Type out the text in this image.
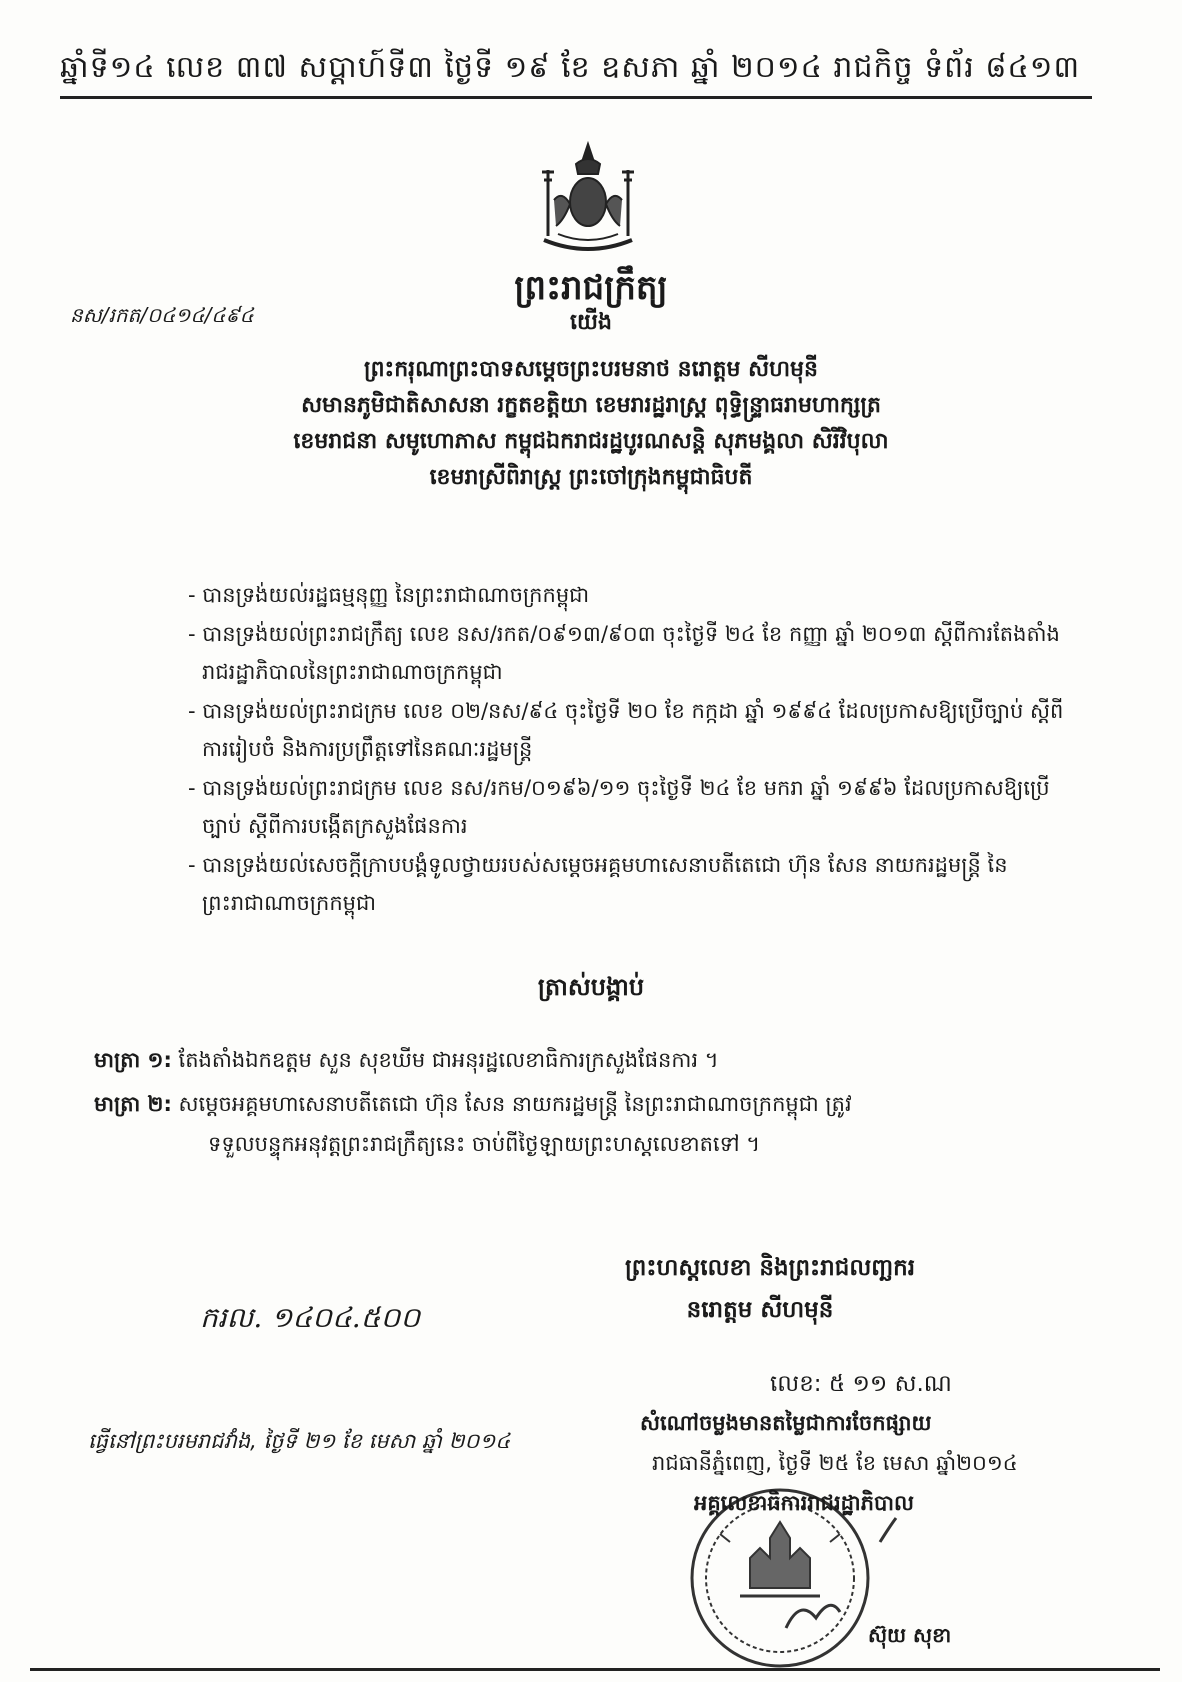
ឆ្នាំទី១៤ លេខ ៣៧ សប្តាហ៍ទី៣ ថ្ងៃទី ១៩ ខែ ឧសភា ឆ្នាំ ២០១៤ រាជកិច្ច ទំព័រ ៨៤១៣
ព្រះរាជក្រឹត្យ
នស/រកត/០៤១៤/៤៩៤	យើង
ព្រះករុណាព្រះបាទសម្តេចព្រះបរមនាថ នរោត្តម សីហមុនី
សមានភូមិជាតិសាសនា រក្ខតខត្តិយា ខេមរារដ្ឋរាស្ត្រ ពុទ្ធិន្ទ្រាធរាមហាក្សត្រ
ខេមរាជនា សមូហោភាស កម្ពុជឯករាជរដ្ឋបូរណសន្តិ សុភមង្គលា សិរីវិបុលា
ខេមរាស្រីពិរាស្ត្រ ព្រះចៅក្រុងកម្ពុជាធិបតី
- បានទ្រង់យល់រដ្ឋធម្មនុញ្ញ នៃព្រះរាជាណាចក្រកម្ពុជា
- បានទ្រង់យល់ព្រះរាជក្រឹត្យ លេខ នស/រកត/០៩១៣/៩០៣ ចុះថ្ងៃទី ២៤ ខែ កញ្ញា ឆ្នាំ ២០១៣ ស្តីពីការតែងតាំងរាជរដ្ឋាភិបាលនៃព្រះរាជាណាចក្រកម្ពុជា
- បានទ្រង់យល់ព្រះរាជក្រម លេខ ០២/នស/៩៤ ចុះថ្ងៃទី ២០ ខែ កក្កដា ឆ្នាំ ១៩៩៤ ដែលប្រកាសឱ្យប្រើច្បាប់ ស្តីពីការរៀបចំ និងការប្រព្រឹត្តទៅនៃគណៈរដ្ឋមន្ត្រី
- បានទ្រង់យល់ព្រះរាជក្រម លេខ នស/រកម/០១៩៦/១១ ចុះថ្ងៃទី ២៤ ខែ មករា ឆ្នាំ ១៩៩៦ ដែលប្រកាសឱ្យប្រើច្បាប់ ស្តីពីការបង្កើតក្រសួងផែនការ
- បានទ្រង់យល់សេចក្តីក្រាបបង្គំទូលថ្វាយរបស់សម្តេចអគ្គមហាសេនាបតីតេជោ ហ៊ុន សែន នាយករដ្ឋមន្ត្រី នៃព្រះរាជាណាចក្រកម្ពុជា
ត្រាស់បង្គាប់
មាត្រា ១: តែងតាំងឯកឧត្តម សួន សុខឃីម ជាអនុរដ្ឋលេខាធិការក្រសួងផែនការ ។
មាត្រា ២: សម្តេចអគ្គមហាសេនាបតីតេជោ ហ៊ុន សែន នាយករដ្ឋមន្ត្រី នៃព្រះរាជាណាចក្រកម្ពុជា ត្រូវ
ទទួលបន្ទុកអនុវត្តព្រះរាជក្រឹត្យនេះ ចាប់ពីថ្ងៃឡាយព្រះហស្តលេខាតទៅ ។
ព្រះហស្តលេខា និងព្រះរាជលញ្ឆករ
នរោត្តម សីហមុនី
ករល. ១៤០៤.៥០០
ធ្វើនៅព្រះបរមរាជវាំង, ថ្ងៃទី ២១ ខែ មេសា ឆ្នាំ ២០១៤
លេខ: ៥ ១១ ស.ណ
សំណៅចម្លងមានតម្លៃជាការចែកផ្សាយ
រាជធានីភ្នំពេញ, ថ្ងៃទី ២៥ ខែ មេសា ឆ្នាំ២០១៤
អគ្គលេខាធិការរាជរដ្ឋាភិបាល
ស៊ុយ សុខា
